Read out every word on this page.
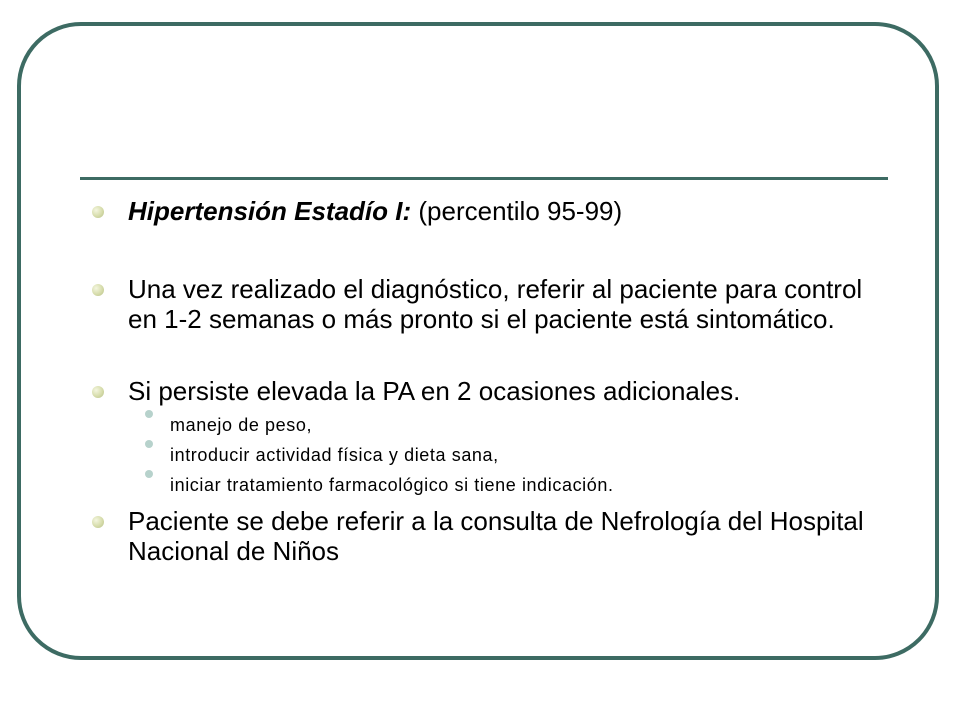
Hipertensión Estadío I: (percentilo 95-99)
Una vez realizado el diagnóstico, referir al paciente para control en 1-2 semanas o más pronto si el paciente está sintomático.
Si persiste elevada la PA en 2 ocasiones adicionales.
manejo de peso,
introducir actividad física y dieta sana,
iniciar tratamiento farmacológico si tiene indicación.
Paciente se debe referir a la consulta de Nefrología del Hospital Nacional de Niños
